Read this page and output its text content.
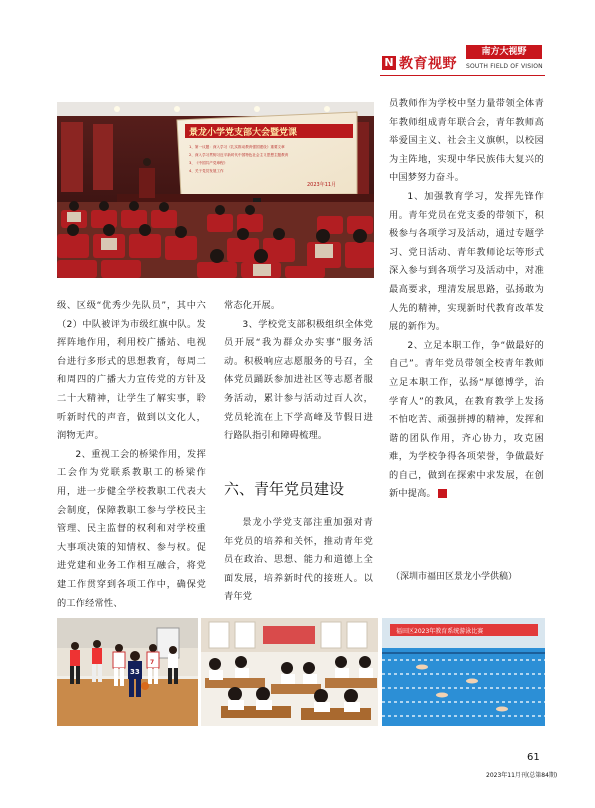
N 教育视野
南方大视野
SOUTH FIELD OF VISION
景龙小学党支部大会暨党课
1、第一议题：深入学习《扎实推动教育强国建设》重要文章
2、深入学习贯彻习近平新时代中国特色社会主义思想主题教育
3、《中国共产党章程》
4、关于党员发展工作
2023年11月

级、区级“优秀少先队员”，其中六（2）中队被评为市级红旗中队。发挥阵地作用，利用校广播站、电视台进行多形式的思想教育，每周二和周四的广播大力宣传党的方针及二十大精神，让学生了解实事，聆听新时代的声音，做到以文化人，润物无声。

2、重视工会的桥梁作用，发挥工会作为党联系教职工的桥梁作用，进一步健全学校教职工代表大会制度，保障教职工参与学校民主管理、民主监督的权利和对学校重大事项决策的知情权、参与权。促进党建和业务工作相互融合，将党建工作贯穿到各项工作中，确保党的工作经常性、

常态化开展。

3、学校党支部积极组织全体党员开展“我为群众办实事”服务活动。积极响应志愿服务的号召，全体党员踊跃参加进社区等志愿者服务活动，累计参与活动过百人次，党员轮流在上下学高峰及节假日进行路队指引和障碍梳理。

六、青年党员建设

景龙小学党支部注重加强对青年党员的培养和关怀，推动青年党员在政治、思想、能力和道德上全面发展，培养新时代的接班人。以青年党

员教师作为学校中坚力量带领全体青年教师组成青年联合会，青年教师高举爱国主义、社会主义旗帜，以校园为主阵地，实现中华民族伟大复兴的中国梦努力奋斗。

1、加强教育学习，发挥先锋作用。青年党员在党支委的带领下，积极参与各项学习及活动，通过专题学习、党日活动、青年教师论坛等形式深入参与到各项学习及活动中，对准最高要求，理清发展思路，弘扬敢为人先的精神，实现新时代教育改革发展的新作为。

2、立足本职工作，争“做最好的自己”。青年党员带领全校青年教师立足本职工作，弘扬“厚德博学，治学育人”的教风，在教育教学上发扬不怕吃苦、顽强拼搏的精神，发挥和谐的团队作用，齐心协力，攻克困难，为学校争得各项荣誉，争做最好的自己，做到在探索中求发展，在创新中提高。	N

（深圳市福田区景龙小学供稿）
33
7
福田区2023年教育系统游泳比赛
61
2023年11月刊(总第84期)
